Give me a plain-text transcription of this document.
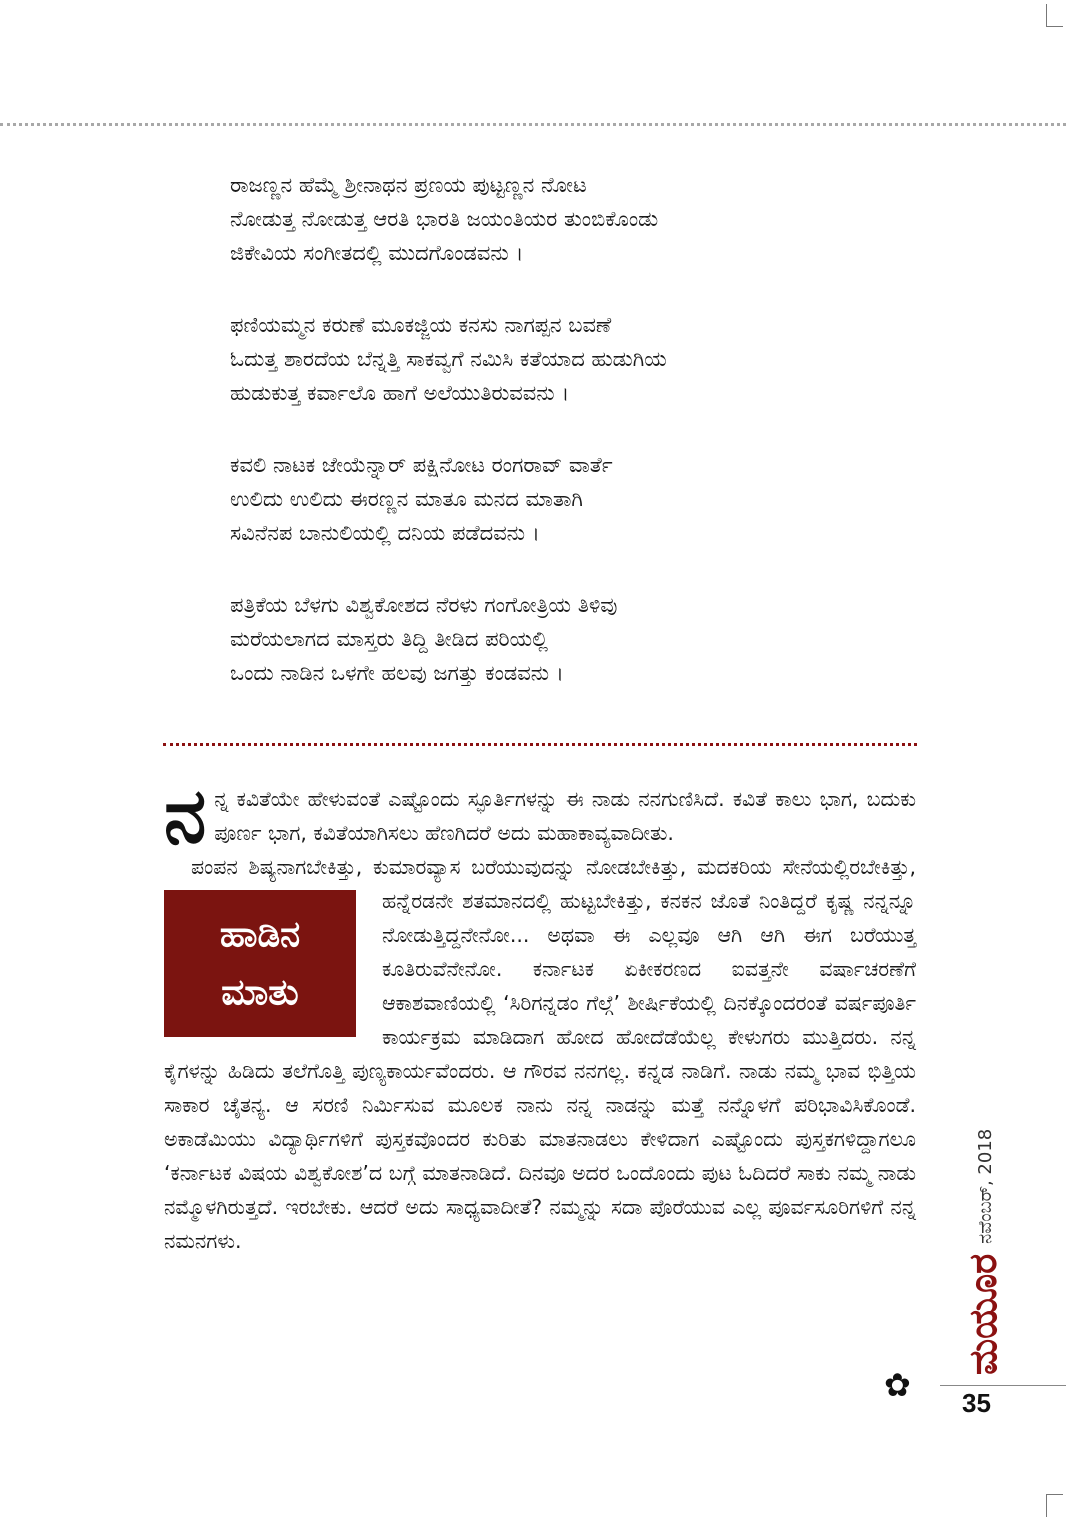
ರಾಜಣ್ಣನ ಹೆಮ್ಮೆ ಶ್ರೀನಾಥನ ಪ್ರಣಯ ಪುಟ್ಟಣ್ಣನ ನೋಟ
ನೋಡುತ್ತ ನೋಡುತ್ತ ಆರತಿ ಭಾರತಿ ಜಯಂತಿಯರ ತುಂಬಿಕೊಂಡು
ಜಿಕೇವಿಯ ಸಂಗೀತದಲ್ಲಿ ಮುದಗೊಂಡವನು ।
ಫಣಿಯಮ್ಮನ ಕರುಣೆ ಮೂಕಜ್ಜಿಯ ಕನಸು ನಾಗಪ್ಪನ ಬವಣೆ
ಓದುತ್ತ ಶಾರದೆಯ ಬೆನ್ನತ್ತಿ ಸಾಕವ್ವಗೆ ನಮಿಸಿ ಕತೆಯಾದ ಹುಡುಗಿಯ
ಹುಡುಕುತ್ತ ಕರ್ವಾಲೊ ಹಾಗೆ ಅಲೆಯುತಿರುವವನು ।
ಕವಲಿ ನಾಟಕ ಜೇಯೆನ್ನಾರ್ ಪಕ್ಷಿನೋಟ ರಂಗರಾವ್ ವಾರ್ತೆ
ಉಲಿದು ಉಲಿದು ಈರಣ್ಣನ ಮಾತೂ ಮನದ ಮಾತಾಗಿ
ಸವಿನೆನಪ ಬಾನುಲಿಯಲ್ಲಿ ದನಿಯ ಪಡೆದವನು ।
ಪತ್ರಿಕೆಯ ಬೆಳಗು ವಿಶ್ವಕೋಶದ ನೆರಳು ಗಂಗೋತ್ರಿಯ ತಿಳಿವು
ಮರೆಯಲಾಗದ ಮಾಸ್ತರು ತಿದ್ದಿ ತೀಡಿದ ಪರಿಯಲ್ಲಿ
ಒಂದು ನಾಡಿನ ಒಳಗೇ ಹಲವು ಜಗತ್ತು ಕಂಡವನು ।

ನನ್ನ ಕವಿತೆಯೇ ಹೇಳುವಂತೆ ಎಷ್ಟೊಂದು ಸ್ಫೂರ್ತಿಗಳನ್ನು ಈ ನಾಡು ನನಗುಣಿಸಿದೆ. ಕವಿತೆ ಕಾಲು ಭಾಗ, ಬದುಕು ಪೂರ್ಣ ಭಾಗ, ಕವಿತೆಯಾಗಿಸಲು ಹೆಣಗಿದರೆ ಅದು ಮಹಾಕಾವ್ಯವಾದೀತು.

ಹಾಡಿನ
ಮಾತು

ಪಂಪನ ಶಿಷ್ಯನಾಗಬೇಕಿತ್ತು, ಕುಮಾರವ್ಯಾಸ ಬರೆಯುವುದನ್ನು ನೋಡಬೇಕಿತ್ತು, ಮದಕರಿಯ ಸೇನೆಯಲ್ಲಿರಬೇಕಿತ್ತು, ಹನ್ನೆರಡನೇ ಶತಮಾನದಲ್ಲಿ ಹುಟ್ಟಬೇಕಿತ್ತು, ಕನಕನ ಜೊತೆ ನಿಂತಿದ್ದರೆ ಕೃಷ್ಣ ನನ್ನನ್ನೂ ನೋಡುತ್ತಿದ್ದನೇನೋ... ಅಥವಾ ಈ ಎಲ್ಲವೂ ಆಗಿ ಆಗಿ ಈಗ ಬರೆಯುತ್ತ ಕೂತಿರುವೆನೇನೋ. ಕರ್ನಾಟಕ ಏಕೀಕರಣದ ಐವತ್ತನೇ ವರ್ಷಾಚರಣೆಗೆ ಆಕಾಶವಾಣಿಯಲ್ಲಿ ‘ಸಿರಿಗನ್ನಡಂ ಗೆಲ್ಗೆ’ ಶೀರ್ಷಿಕೆಯಲ್ಲಿ ದಿನಕ್ಕೊಂದರಂತೆ ವರ್ಷಪೂರ್ತಿ ಕಾರ್ಯಕ್ರಮ ಮಾಡಿದಾಗ ಹೋದ ಹೋದೆಡೆಯೆಲ್ಲ ಕೇಳುಗರು ಮುತ್ತಿದರು. ನನ್ನ ಕೈಗಳನ್ನು ಹಿಡಿದು ತಲೆಗೊತ್ತಿ ಪುಣ್ಯಕಾರ್ಯವೆಂದರು. ಆ ಗೌರವ ನನಗಲ್ಲ. ಕನ್ನಡ ನಾಡಿಗೆ. ನಾಡು ನಮ್ಮ ಭಾವ ಭಿತ್ತಿಯ ಸಾಕಾರ ಚೈತನ್ಯ. ಆ ಸರಣಿ ನಿರ್ಮಿಸುವ ಮೂಲಕ ನಾನು ನನ್ನ ನಾಡನ್ನು ಮತ್ತೆ ನನ್ನೊಳಗೆ ಪರಿಭಾವಿಸಿಕೊಂಡೆ. ಅಕಾಡೆಮಿಯು ವಿದ್ಯಾರ್ಥಿಗಳಿಗೆ ಪುಸ್ತಕವೊಂದರ ಕುರಿತು ಮಾತನಾಡಲು ಕೇಳಿದಾಗ ಎಷ್ಟೊಂದು ಪುಸ್ತಕಗಳಿದ್ದಾಗಲೂ ‘ಕರ್ನಾಟಕ ವಿಷಯ ವಿಶ್ವಕೋಶ’ದ ಬಗ್ಗೆ ಮಾತನಾಡಿದೆ. ದಿನವೂ ಅದರ ಒಂದೊಂದು ಪುಟ ಓದಿದರೆ ಸಾಕು ನಮ್ಮ ನಾಡು ನಮ್ಮೊಳಗಿರುತ್ತದೆ. ಇರಬೇಕು. ಆದರೆ ಅದು ಸಾಧ್ಯವಾದೀತೆ? ನಮ್ಮನ್ನು ಸದಾ ಪೊರೆಯುವ ಎಲ್ಲ ಪೂರ್ವಸೂರಿಗಳಿಗೆ ನನ್ನ ನಮನಗಳು.

✿
ಮಯೂರ
ನವೆಂಬರ್, 2018
35
